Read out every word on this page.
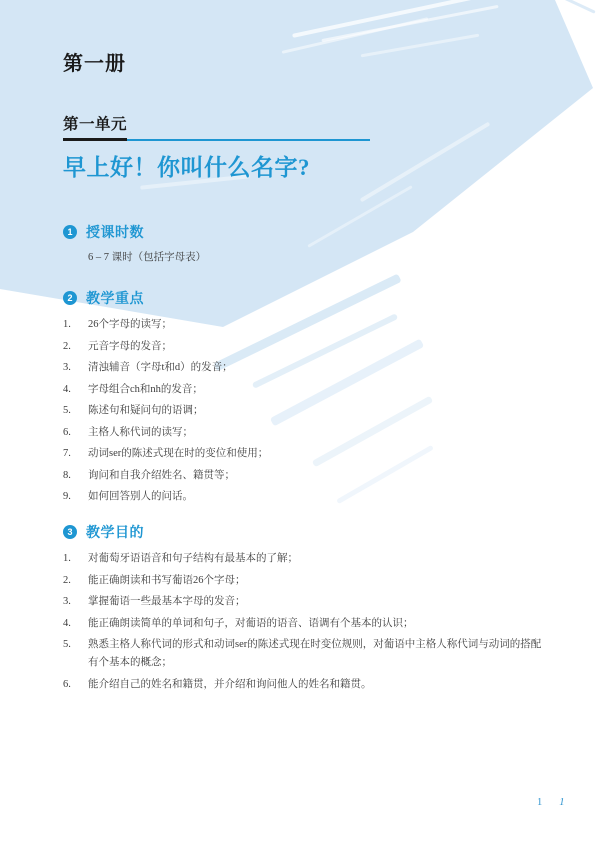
第一册
第一单元
早上好！你叫什么名字?
1 授课时数

6 – 7 课时（包括字母表）

2 教学重点
1.	26个字母的读写；
2.	元音字母的发音；
3.	清浊辅音（字母t和d）的发音；
4.	字母组合ch和nh的发音；
5.	陈述句和疑问句的语调；
6.	主格人称代词的读写；
7.	动词ser的陈述式现在时的变位和使用；
8.	询问和自我介绍姓名、籍贯等；
9.	如何回答别人的问话。
3 教学目的
1.	对葡萄牙语语音和句子结构有最基本的了解；
2.	能正确朗读和书写葡语26个字母；
3.	掌握葡语一些最基本字母的发音；
4.	能正确朗读简单的单词和句子，对葡语的语音、语调有个基本的认识；
5.	熟悉主格人称代词的形式和动词ser的陈述式现在时变位规则，对葡语中主格人称代词与动词的搭配有个基本的概念；
6.	能介绍自己的姓名和籍贯，并介绍和询问他人的姓名和籍贯。
1 1
